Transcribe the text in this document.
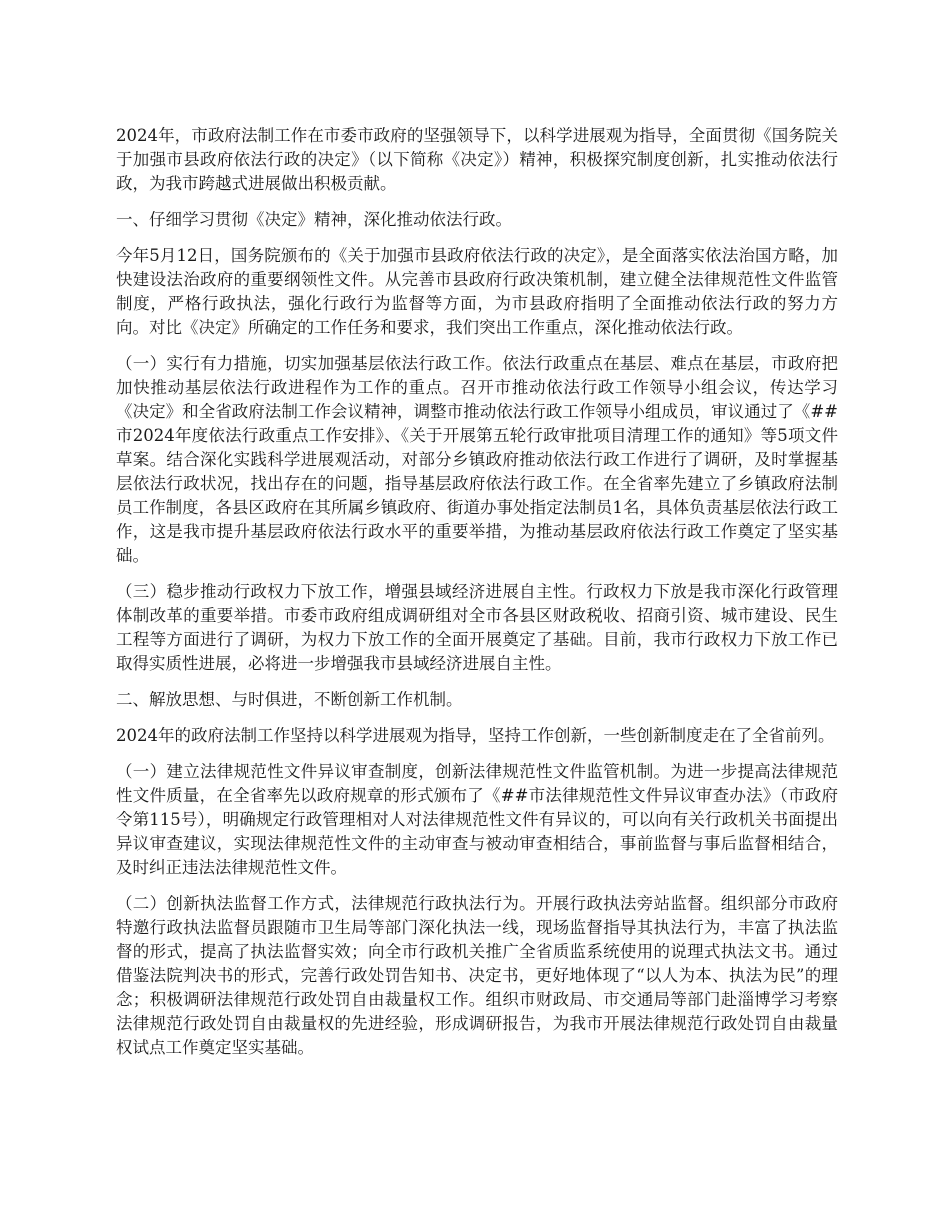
2024年，市政府法制工作在市委市政府的坚强领导下，以科学进展观为指导，全面贯彻《国务院关于加强市县政府依法行政的决定》（以下简称《决定》）精神，积极探究制度创新，扎实推动依法行政，为我市跨越式进展做出积极贡献。

一、仔细学习贯彻《决定》精神，深化推动依法行政。

今年5月12日，国务院颁布的《关于加强市县政府依法行政的决定》，是全面落实依法治国方略，加快建设法治政府的重要纲领性文件。从完善市县政府行政决策机制，建立健全法律规范性文件监管制度，严格行政执法，强化行政行为监督等方面，为市县政府指明了全面推动依法行政的努力方向。对比《决定》所确定的工作任务和要求，我们突出工作重点，深化推动依法行政。

（一）实行有力措施，切实加强基层依法行政工作。依法行政重点在基层、难点在基层，市政府把加快推动基层依法行政进程作为工作的重点。召开市推动依法行政工作领导小组会议，传达学习《决定》和全省政府法制工作会议精神，调整市推动依法行政工作领导小组成员，审议通过了《##市2024年度依法行政重点工作安排》、《关于开展第五轮行政审批项目清理工作的通知》等5项文件草案。结合深化实践科学进展观活动，对部分乡镇政府推动依法行政工作进行了调研，及时掌握基层依法行政状况，找出存在的问题，指导基层政府依法行政工作。在全省率先建立了乡镇政府法制员工作制度，各县区政府在其所属乡镇政府、街道办事处指定法制员1名，具体负责基层依法行政工作，这是我市提升基层政府依法行政水平的重要举措，为推动基层政府依法行政工作奠定了坚实基础。

（三）稳步推动行政权力下放工作，增强县域经济进展自主性。行政权力下放是我市深化行政管理体制改革的重要举措。市委市政府组成调研组对全市各县区财政税收、招商引资、城市建设、民生工程等方面进行了调研，为权力下放工作的全面开展奠定了基础。目前，我市行政权力下放工作已取得实质性进展，必将进一步增强我市县域经济进展自主性。

二、解放思想、与时俱进，不断创新工作机制。

2024年的政府法制工作坚持以科学进展观为指导，坚持工作创新，一些创新制度走在了全省前列。

（一）建立法律规范性文件异议审查制度，创新法律规范性文件监管机制。为进一步提高法律规范性文件质量，在全省率先以政府规章的形式颁布了《##市法律规范性文件异议审查办法》（市政府令第115号），明确规定行政管理相对人对法律规范性文件有异议的，可以向有关行政机关书面提出异议审查建议，实现法律规范性文件的主动审查与被动审查相结合，事前监督与事后监督相结合，及时纠正违法法律规范性文件。

（二）创新执法监督工作方式，法律规范行政执法行为。开展行政执法旁站监督。组织部分市政府特邀行政执法监督员跟随市卫生局等部门深化执法一线，现场监督指导其执法行为，丰富了执法监督的形式，提高了执法监督实效；向全市行政机关推广全省质监系统使用的说理式执法文书。通过借鉴法院判决书的形式，完善行政处罚告知书、决定书，更好地体现了“以人为本、执法为民”的理念；积极调研法律规范行政处罚自由裁量权工作。组织市财政局、市交通局等部门赴淄博学习考察法律规范行政处罚自由裁量权的先进经验，形成调研报告，为我市开展法律规范行政处罚自由裁量权试点工作奠定坚实基础。
